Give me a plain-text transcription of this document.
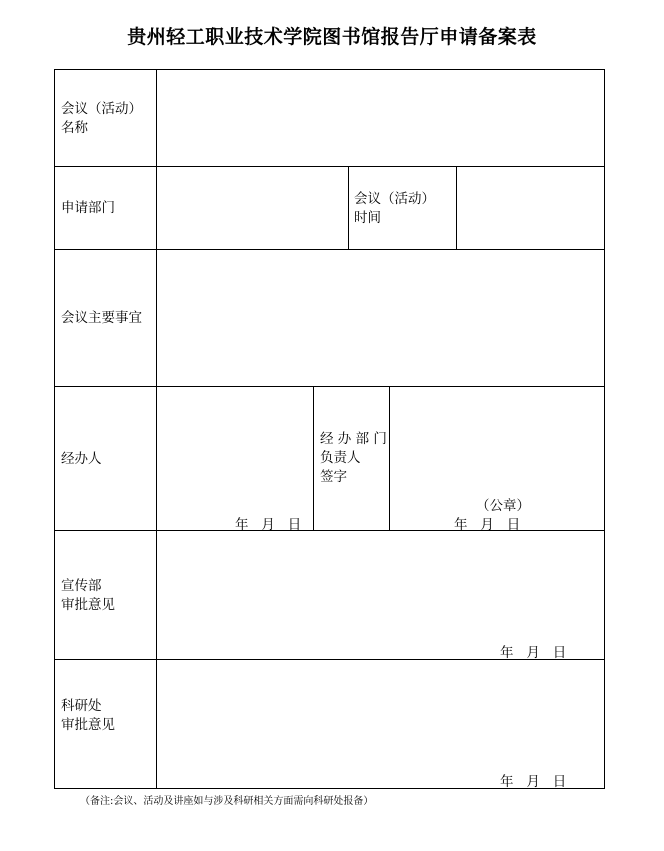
贵州轻工职业技术学院图书馆报告厅申请备案表
会议（活动）
名称
申请部门
会议（活动）
时间
会议主要事宜
经办人
年   月   日
经 办 部 门
负责人
签字
（公章）
年   月   日
宣传部
审批意见
年   月   日
科研处
审批意见
年   月   日
（备注:会议、活动及讲座如与涉及科研相关方面需向科研处报备）
